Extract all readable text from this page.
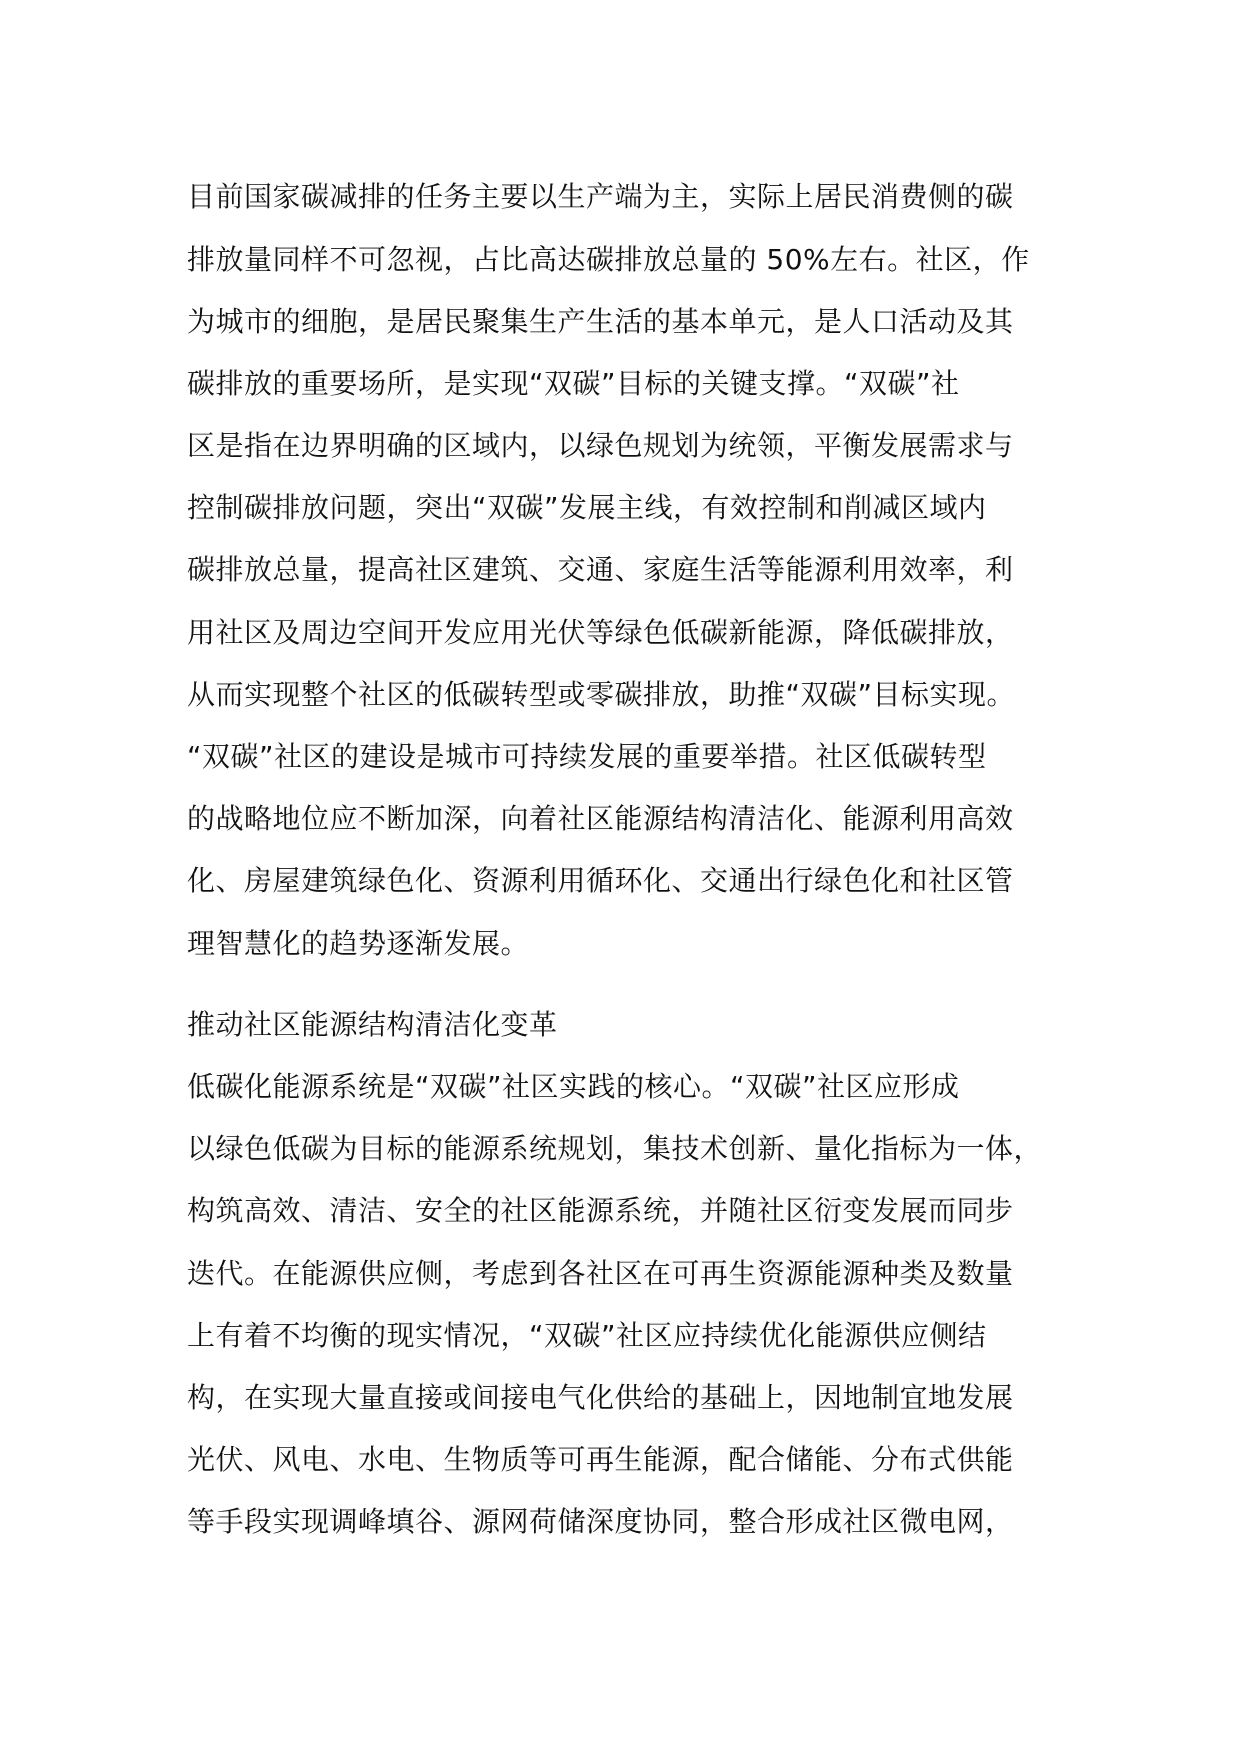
目前国家碳减排的任务主要以生产端为主，实际上居民消费侧的碳
排放量同样不可忽视，占比高达碳排放总量的 50%左右。社区，作
为城市的细胞，是居民聚集生产生活的基本单元，是人口活动及其
碳排放的重要场所，是实现“双碳”目标的关键支撑。“双碳”社
区是指在边界明确的区域内，以绿色规划为统领，平衡发展需求与
控制碳排放问题，突出“双碳”发展主线，有效控制和削减区域内
碳排放总量，提高社区建筑、交通、家庭生活等能源利用效率，利
用社区及周边空间开发应用光伏等绿色低碳新能源，降低碳排放，
从而实现整个社区的低碳转型或零碳排放，助推“双碳”目标实现。
“双碳”社区的建设是城市可持续发展的重要举措。社区低碳转型
的战略地位应不断加深，向着社区能源结构清洁化、能源利用高效
化、房屋建筑绿色化、资源利用循环化、交通出行绿色化和社区管
理智慧化的趋势逐渐发展。
推动社区能源结构清洁化变革
低碳化能源系统是“双碳”社区实践的核心。“双碳”社区应形成
以绿色低碳为目标的能源系统规划，集技术创新、量化指标为一体，
构筑高效、清洁、安全的社区能源系统，并随社区衍变发展而同步
迭代。在能源供应侧，考虑到各社区在可再生资源能源种类及数量
上有着不均衡的现实情况，“双碳”社区应持续优化能源供应侧结
构，在实现大量直接或间接电气化供给的基础上，因地制宜地发展
光伏、风电、水电、生物质等可再生能源，配合储能、分布式供能
等手段实现调峰填谷、源网荷储深度协同，整合形成社区微电网，
